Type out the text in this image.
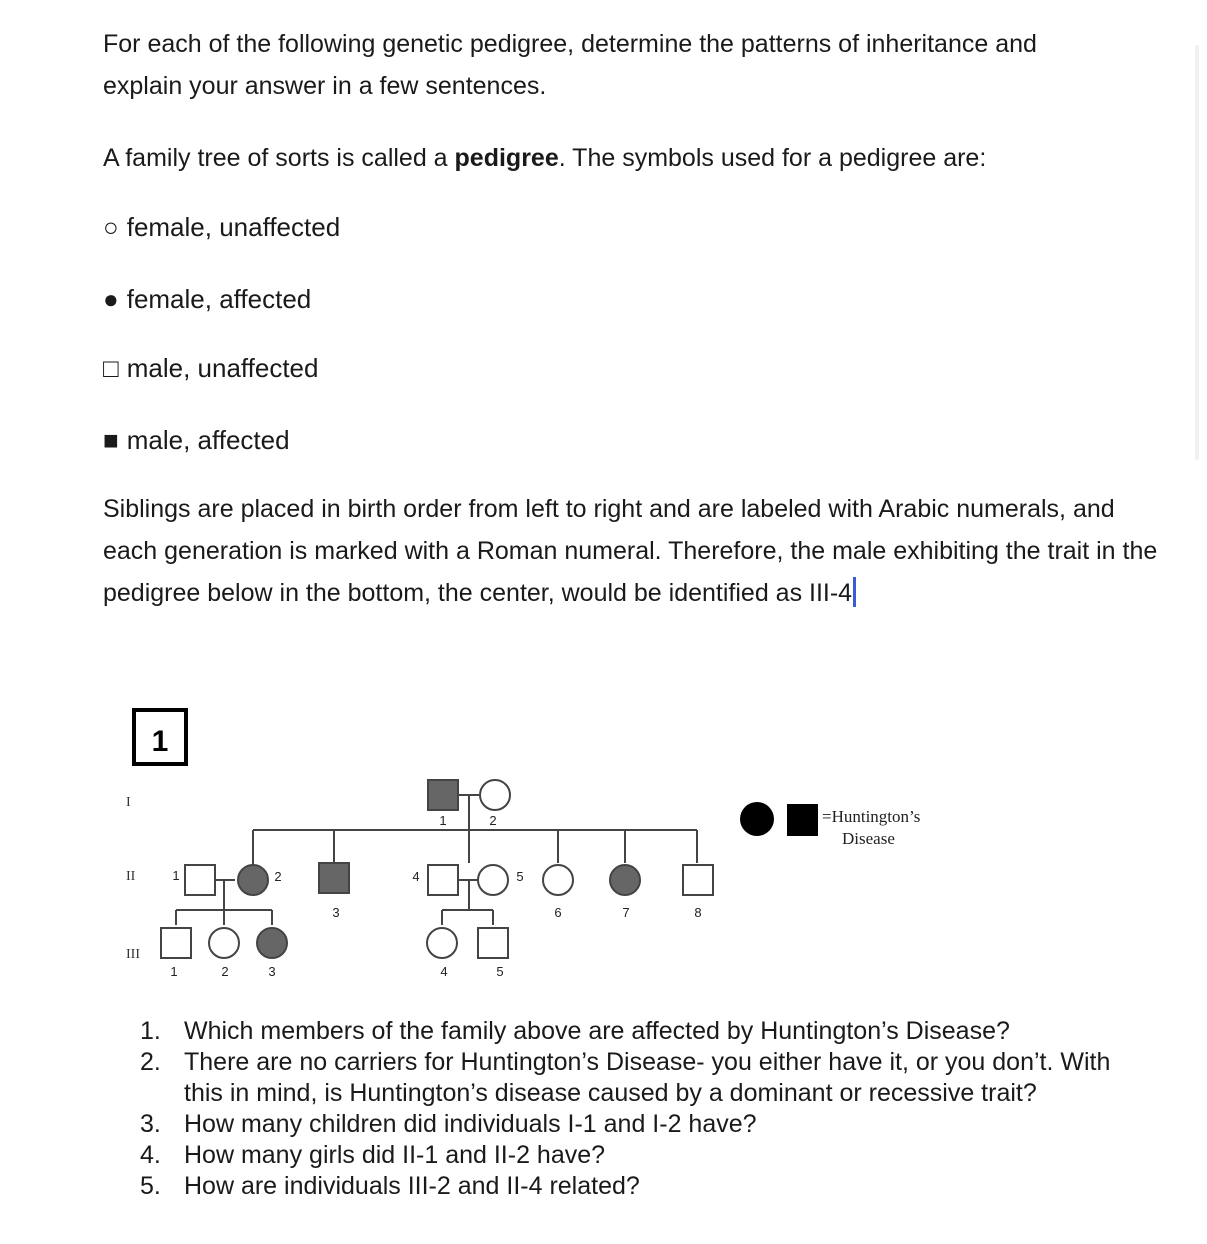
For each of the following genetic pedigree, determine the patterns of inheritance and explain your answer in a few sentences.

A family tree of sorts is called a pedigree. The symbols used for a pedigree are:

○ female, unaffected

● female, affected

□ male, unaffected

■ male, affected

Siblings are placed in birth order from left to right and are labeled with Arabic numerals, and each generation is marked with a Roman numeral. Therefore, the male exhibiting the trait in the pedigree below in the bottom, the center, would be identified as III-4

1
I
II
III
1	2
1	2
3
4	5
6	7	8
1	2	3	4	5
=Huntington’s
Disease
1. Which members of the family above are affected by Huntington’s Disease?
2. There are no carriers for Huntington’s Disease- you either have it, or you don’t. With this in mind, is Huntington’s disease caused by a dominant or recessive trait?
3. How many children did individuals I-1 and I-2 have?
4. How many girls did II-1 and II-2 have?
5. How are individuals III-2 and II-4 related?
